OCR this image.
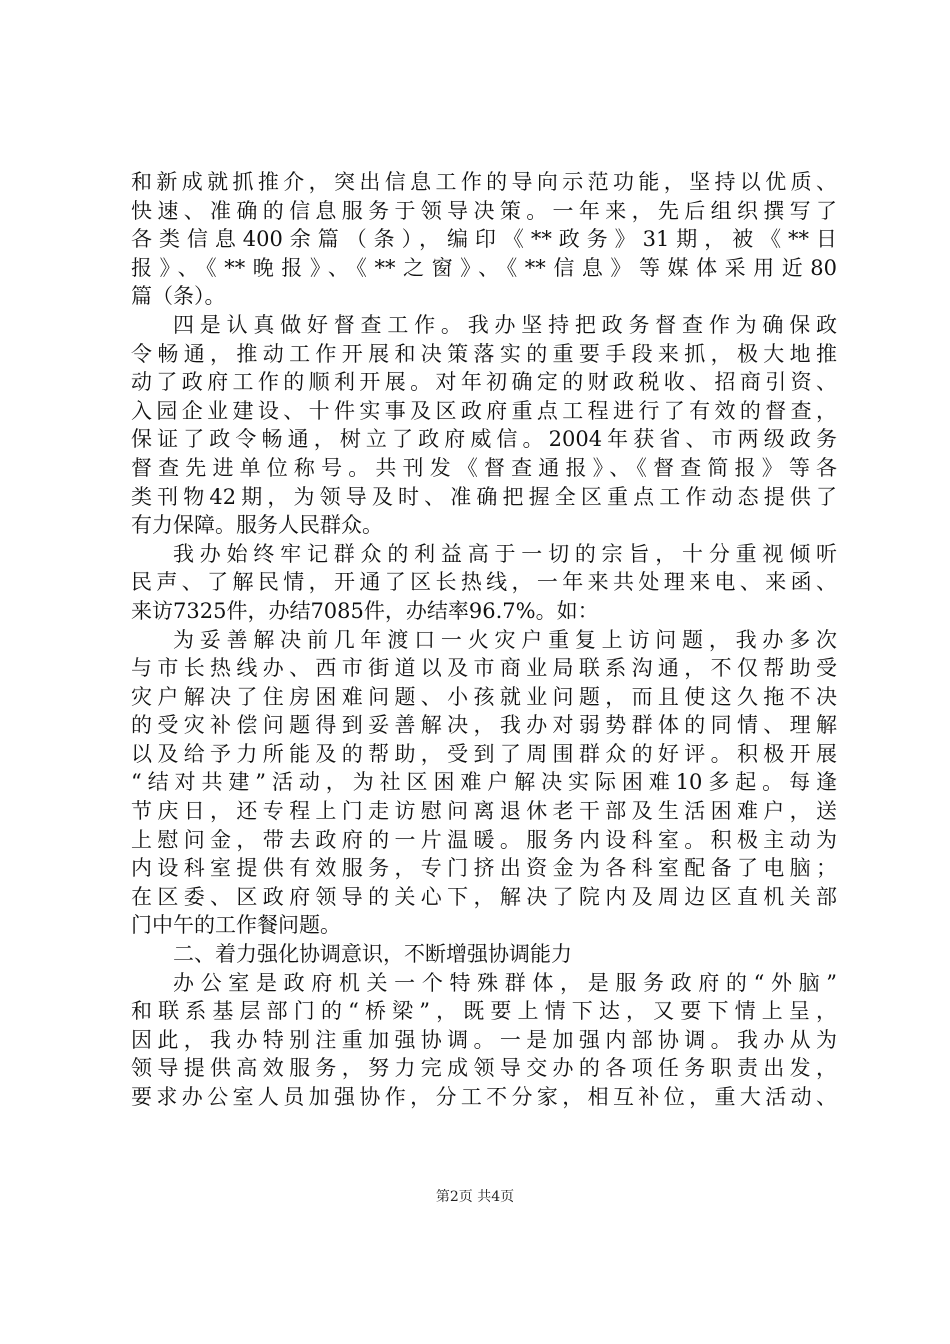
和新成就抓推介，突出信息工作的导向示范功能，坚持以优质、
快速、准确的信息服务于领导决策。一年来，先后组织撰写了
各类信息400余篇（条），编印《**政务》31期，被《**日
报》、《**晚报》、《**之窗》、《**信息》等媒体采用近80
篇（条）。
四是认真做好督查工作。我办坚持把政务督查作为确保政
令畅通，推动工作开展和决策落实的重要手段来抓，极大地推
动了政府工作的顺利开展。对年初确定的财政税收、招商引资、
入园企业建设、十件实事及区政府重点工程进行了有效的督查，
保证了政令畅通，树立了政府威信。2004年获省、市两级政务
督查先进单位称号。共刊发《督查通报》、《督查简报》等各
类刊物42期，为领导及时、准确把握全区重点工作动态提供了
有力保障。服务人民群众。
我办始终牢记群众的利益高于一切的宗旨，十分重视倾听
民声、了解民情，开通了区长热线，一年来共处理来电、来函、
来访7325件，办结7085件，办结率96.7%。如：
为妥善解决前几年渡口一火灾户重复上访问题，我办多次
与市长热线办、西市街道以及市商业局联系沟通，不仅帮助受
灾户解决了住房困难问题、小孩就业问题，而且使这久拖不决
的受灾补偿问题得到妥善解决，我办对弱势群体的同情、理解
以及给予力所能及的帮助，受到了周围群众的好评。积极开展
“结对共建”活动，为社区困难户解决实际困难10多起。每逢
节庆日，还专程上门走访慰问离退休老干部及生活困难户，送
上慰问金，带去政府的一片温暖。服务内设科室。积极主动为
内设科室提供有效服务，专门挤出资金为各科室配备了电脑；
在区委、区政府领导的关心下，解决了院内及周边区直机关部
门中午的工作餐问题。
二、着力强化协调意识，不断增强协调能力
办公室是政府机关一个特殊群体，是服务政府的“外脑”
和联系基层部门的“桥梁”，既要上情下达，又要下情上呈，
因此，我办特别注重加强协调。一是加强内部协调。我办从为
领导提供高效服务，努力完成领导交办的各项任务职责出发，
要求办公室人员加强协作，分工不分家，相互补位，重大活动、
第2页 共4页
